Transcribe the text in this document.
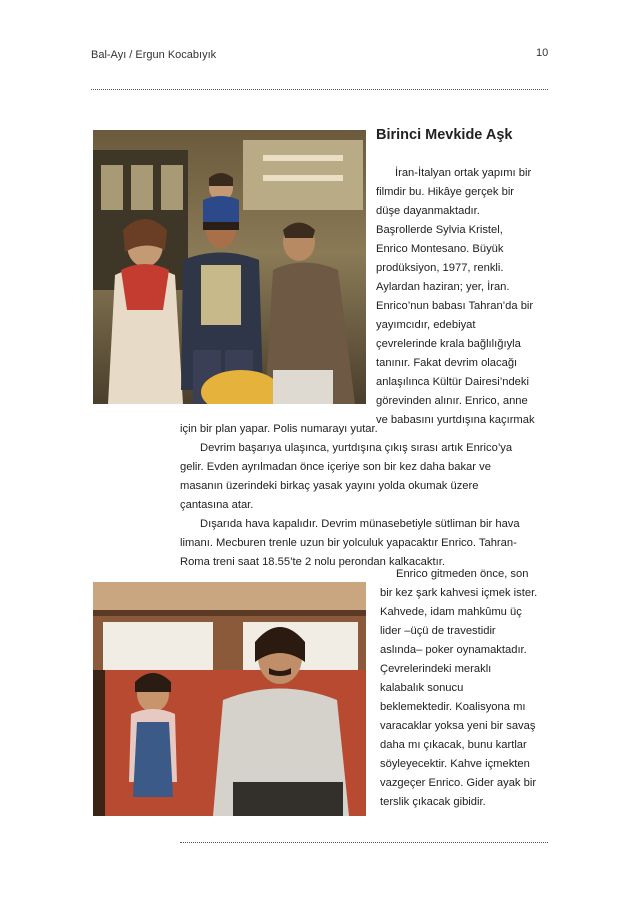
Bal-Ayı / Ergun Kocabıyık	10
Birinci Mevkide Aşk
İran-İtalyan ortak yapımı bir
filmdir bu. Hikâye gerçek bir
düşe dayanmaktadır.
Başrollerde Sylvia Kristel,
Enrico Montesano. Büyük
prodüksiyon, 1977, renkli.
Aylardan haziran; yer, İran.
Enrico’nun babası Tahran’da bir
yayımcıdır, edebiyat
çevrelerinde krala bağlılığıyla
tanınır. Fakat devrim olacağı
anlaşılınca Kültür Dairesi’ndeki
görevinden alınır. Enrico, anne
ve babasını yurtdışına kaçırmak
için bir plan yapar. Polis numarayı yutar.
Devrim başarıya ulaşınca, yurtdışına çıkış sırası artık Enrico’ya
gelir. Evden ayrılmadan önce içeriye son bir kez daha bakar ve
masanın üzerindeki birkaç yasak yayını yolda okumak üzere
çantasına atar.
Dışarıda hava kapalıdır. Devrim münasebetiyle sütliman bir hava
limanı. Mecburen trenle uzun bir yolculuk yapacaktır Enrico. Tahran-
Roma treni saat 18.55’te 2 nolu perondan kalkacaktır.
Enrico gitmeden önce, son
bir kez şark kahvesi içmek ister.
Kahvede, idam mahkûmu üç
lider –üçü de travestidir
aslında– poker oynamaktadır.
Çevrelerindeki meraklı
kalabalık sonucu
beklemektedir. Koalisyona mı
varacaklar yoksa yeni bir savaş
daha mı çıkacak, bunu kartlar
söyleyecektir. Kahve içmekten
vazgeçer Enrico. Gider ayak bir
terslik çıkacak gibidir.
